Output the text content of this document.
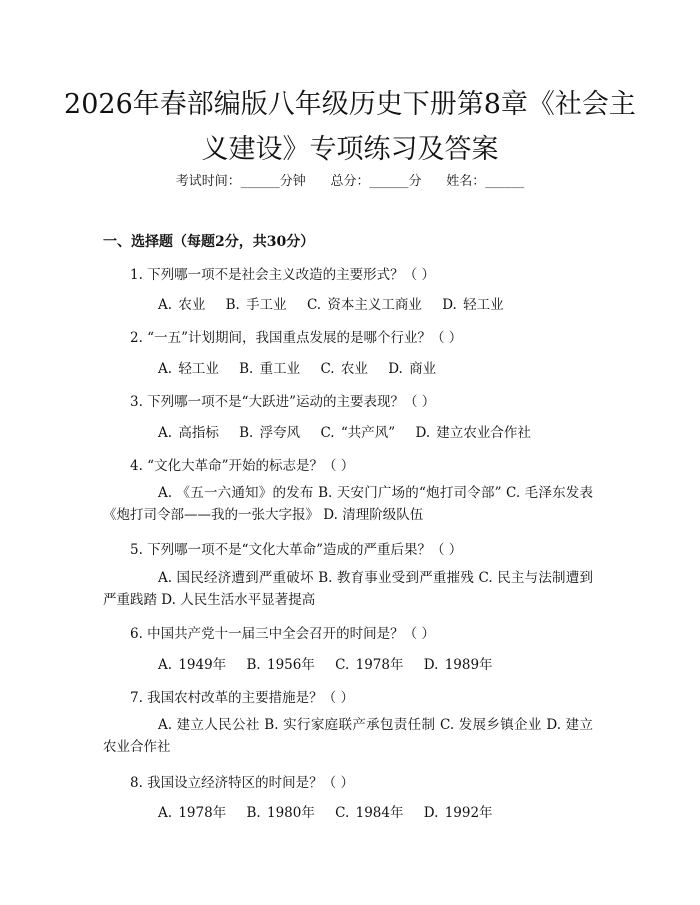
2026年春部编版八年级历史下册第8章《社会主义建设》专项练习及答案
考试时间：______分钟      总分：______分      姓名：______
一、选择题（每题2分，共30分）
1. 下列哪一项不是社会主义改造的主要形式？（ ）
A. 农业 B. 手工业 C. 资本主义工商业 D. 轻工业
2. “一五”计划期间，我国重点发展的是哪个行业？（ ）
A. 轻工业 B. 重工业 C. 农业 D. 商业
3. 下列哪一项不是“大跃进”运动的主要表现？（ ）
A. 高指标 B. 浮夸风 C. “共产风” D. 建立农业合作社
4. “文化大革命”开始的标志是？（ ）
A. 《五一六通知》的发布 B. 天安门广场的“炮打司令部” C. 毛泽东发表《炮打司令部——我的一张大字报》 D. 清理阶级队伍
5. 下列哪一项不是“文化大革命”造成的严重后果？（ ）
A. 国民经济遭到严重破坏 B. 教育事业受到严重摧残 C. 民主与法制遭到严重践踏 D. 人民生活水平显著提高
6. 中国共产党十一届三中全会召开的时间是？（ ）
A. 1949年 B. 1956年 C. 1978年 D. 1989年
7. 我国农村改革的主要措施是？（ ）
A. 建立人民公社 B. 实行家庭联产承包责任制 C. 发展乡镇企业 D. 建立农业合作社
8. 我国设立经济特区的时间是？（ ）
A. 1978年 B. 1980年 C. 1984年 D. 1992年
